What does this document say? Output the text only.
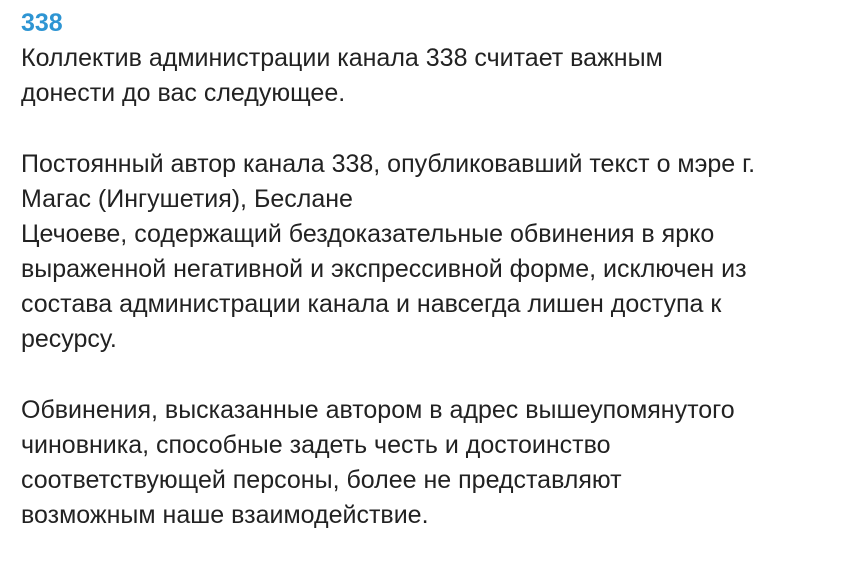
338
Коллектив администрации канала 338 считает важным
донести до вас следующее.
Постоянный автор канала 338, опубликовавший текст о мэре г.
Магас (Ингушетия), Беслане
Цечоеве, содержащий бездоказательные обвинения в ярко
выраженной негативной и экспрессивной форме, исключен из
состава администрации канала и навсегда лишен доступа к
ресурсу.
Обвинения, высказанные автором в адрес вышеупомянутого
чиновника, способные задеть честь и достоинство
соответствующей персоны, более не представляют
возможным наше взаимодействие.
